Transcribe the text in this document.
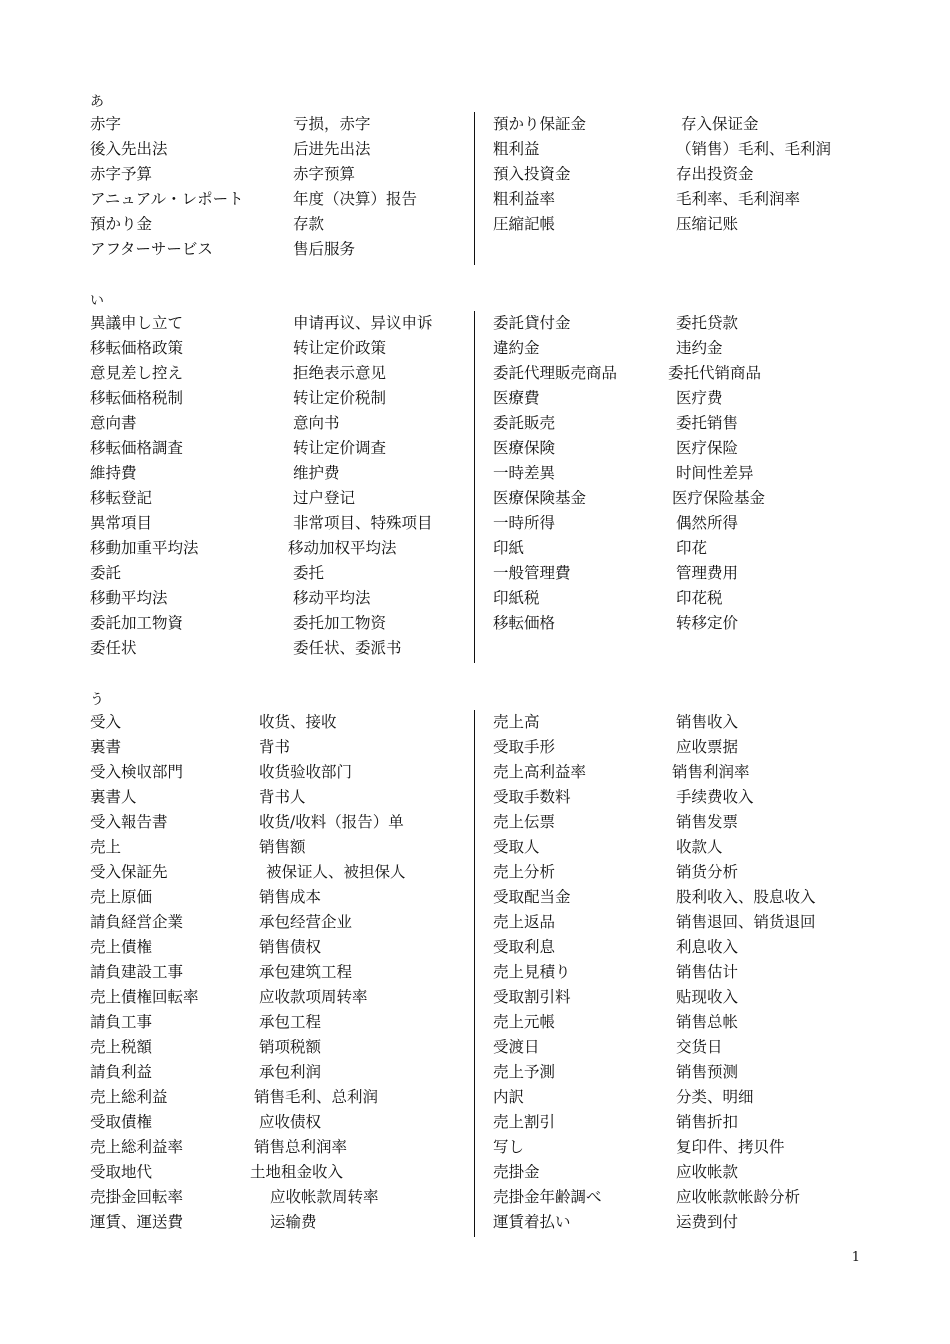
あ
赤字	亏损，赤字
後入先出法	后进先出法
赤字予算	赤字预算
アニュアル・レポート	年度（决算）报告
預かり金	存款
アフターサービス	售后服务
預かり保証金	存入保证金
粗利益	（销售）毛利、毛利润
預入投資金	存出投资金
粗利益率	毛利率、毛利润率
圧縮記帳	压缩记账
い
異議申し立て	申请再议、异议申诉
移転価格政策	转让定价政策
意見差し控え	拒绝表示意见
移転価格税制	转让定价税制
意向書	意向书
移転価格調査	转让定价调查
維持費	维护费
移転登記	过户登记
異常項目	非常项目、特殊项目
移動加重平均法	移动加权平均法
委託	委托
移動平均法	移动平均法
委託加工物資	委托加工物资
委任状	委任状、委派书
委託貸付金	委托贷款
違約金	违约金
委託代理販売商品	委托代销商品
医療費	医疗费
委託販売	委托销售
医療保険	医疗保险
一時差異	时间性差异
医療保険基金	医疗保险基金
一時所得	偶然所得
印紙	印花
一般管理費	管理费用
印紙税	印花税
移転価格	转移定价
う
受入	收货、接收
裏書	背书
受入検収部門	收货验收部门
裏書人	背书人
受入報告書	收货/收料（报告）单
売上	销售额
受入保証先	被保证人、被担保人
売上原価	销售成本
請負経営企業	承包经营企业
売上債権	销售债权
請負建設工事	承包建筑工程
売上債権回転率	应收款项周转率
請負工事	承包工程
売上税額	销项税额
請負利益	承包利润
売上総利益	销售毛利、总利润
受取債権	应收债权
売上総利益率	销售总利润率
受取地代	土地租金收入
売掛金回転率	应收帐款周转率
運賃、運送費	运输费
売上高	销售收入
受取手形	应收票据
売上高利益率	销售利润率
受取手数料	手续费收入
売上伝票	销售发票
受取人	收款人
売上分析	销货分析
受取配当金	股利收入、股息收入
売上返品	销售退回、销货退回
受取利息	利息收入
売上見積り	销售估计
受取割引料	贴现收入
売上元帳	销售总帐
受渡日	交货日
売上予測	销售预测
内訳	分类、明细
売上割引	销售折扣
写し	复印件、拷贝件
売掛金	应收帐款
売掛金年齢調べ	应收帐款帐龄分析
運賃着払い	运费到付
1
